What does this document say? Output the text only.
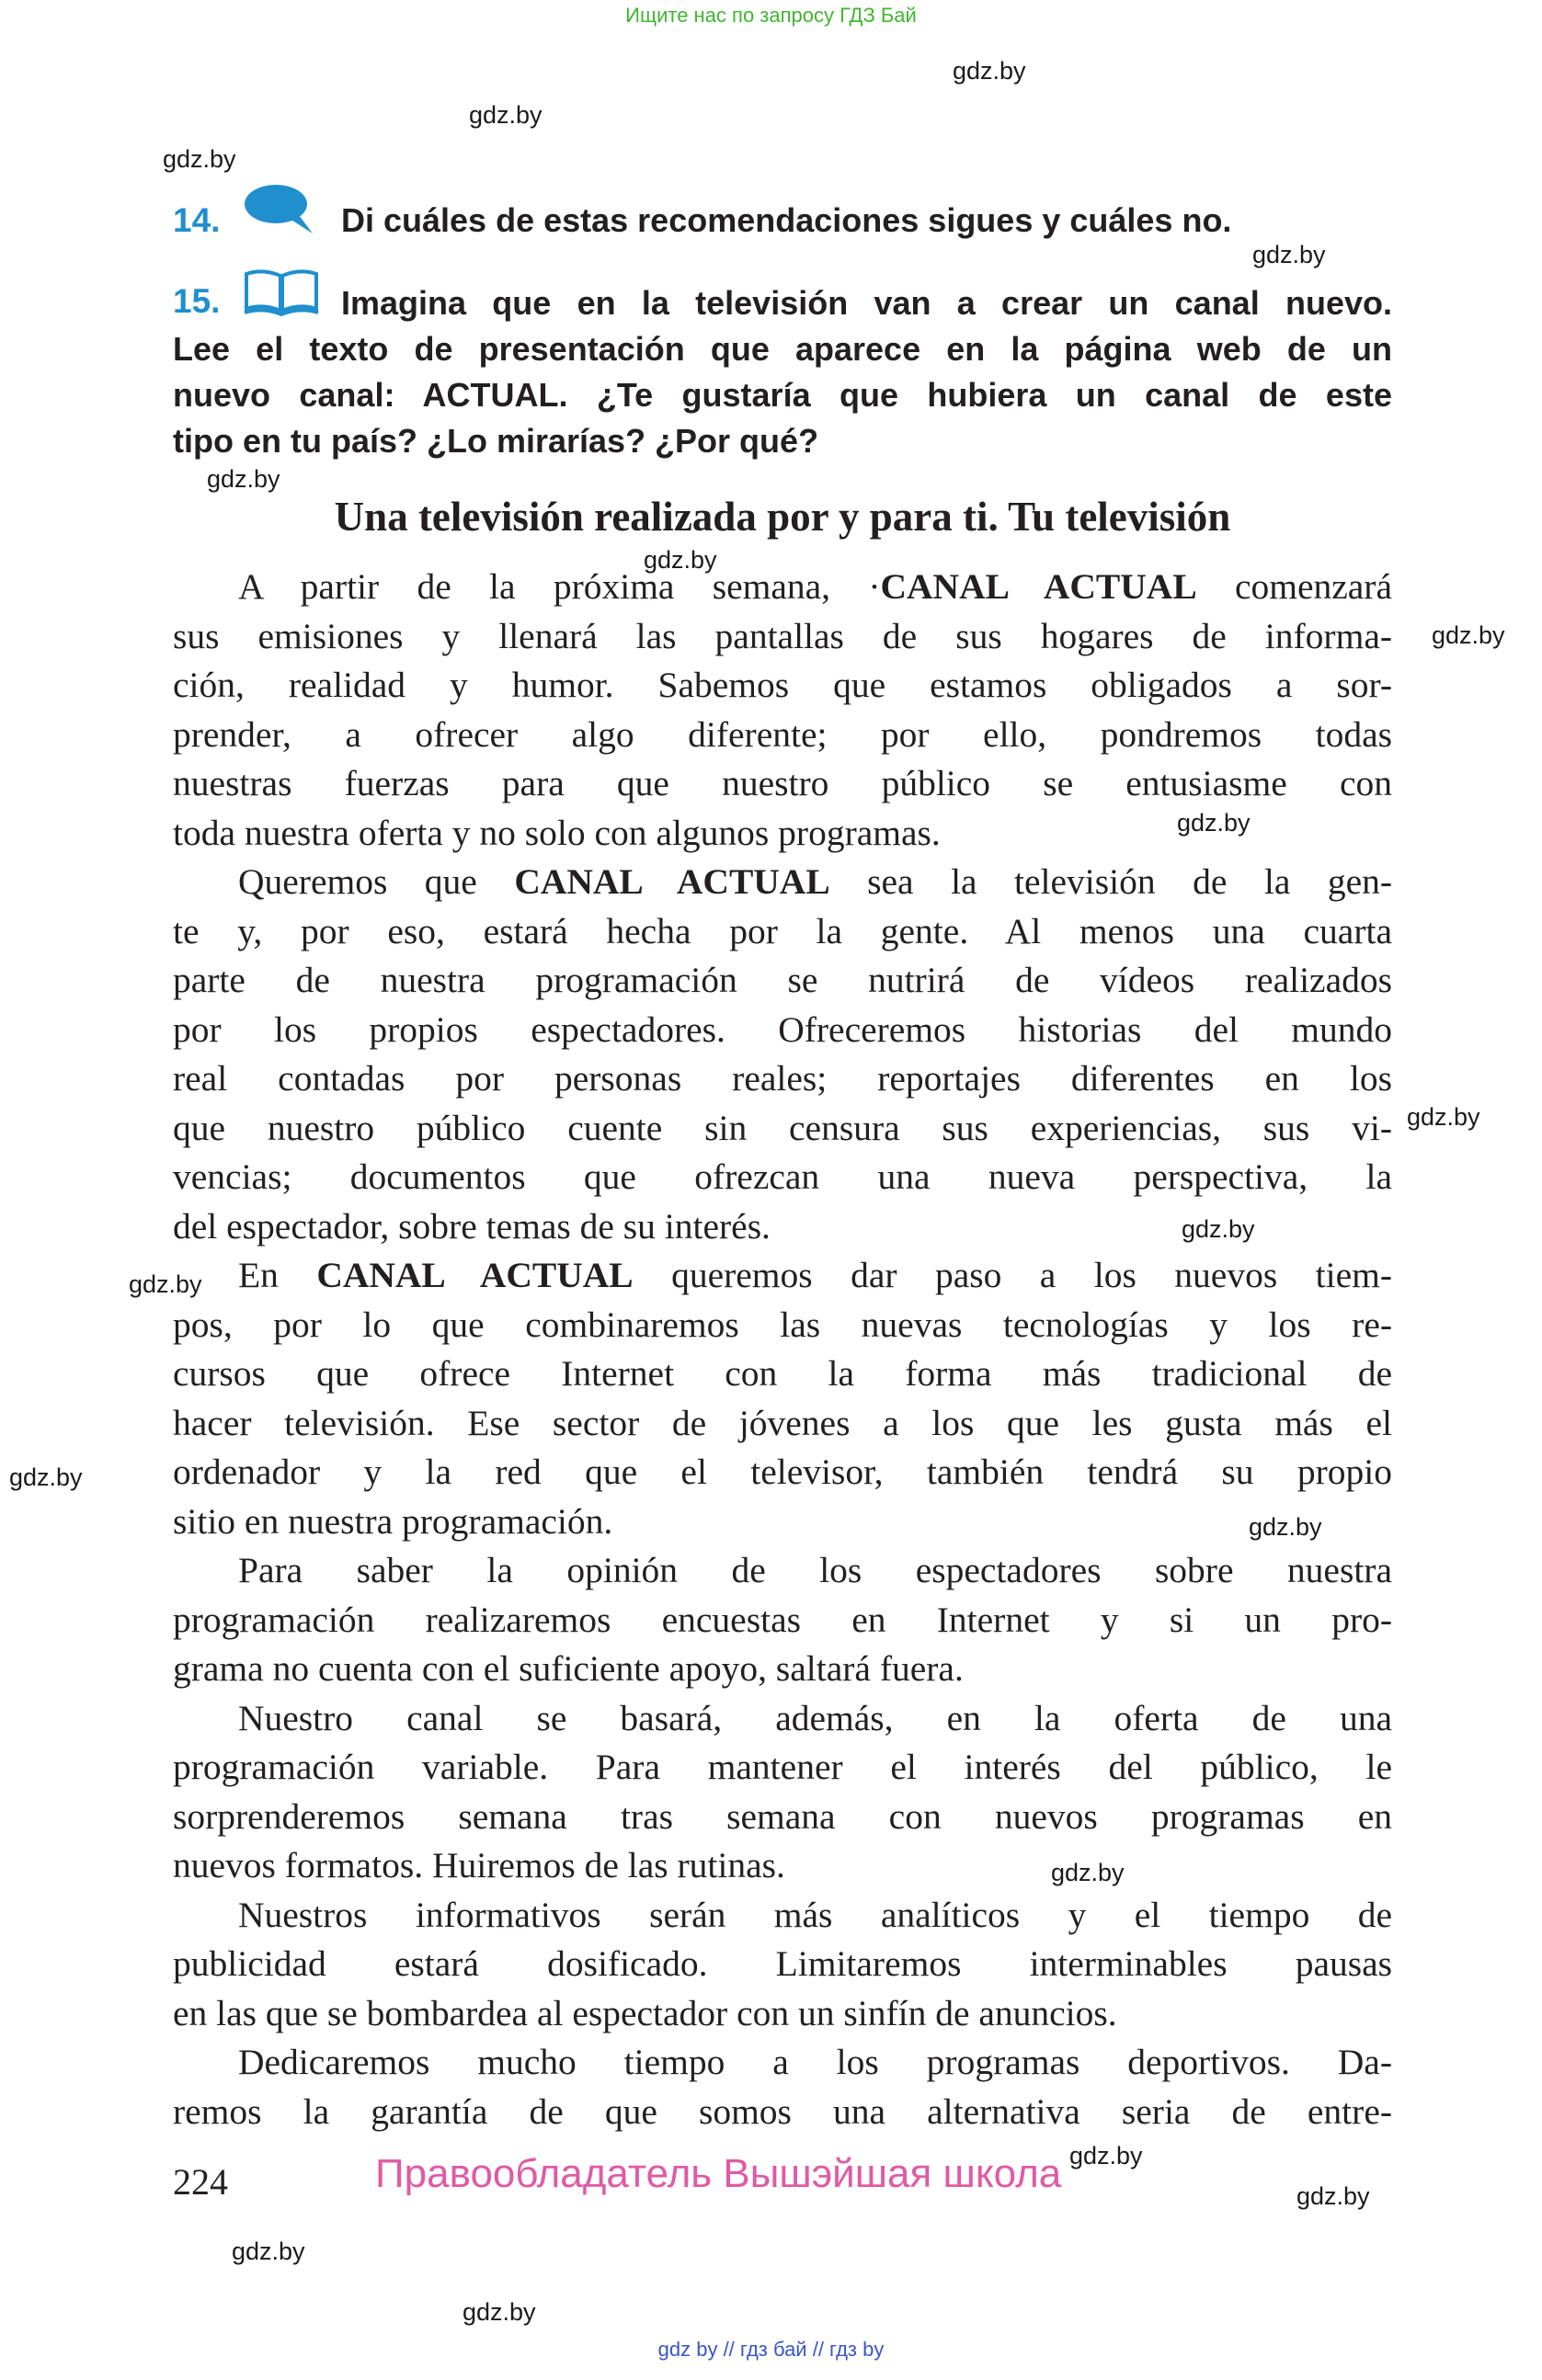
Ищите нас по запросу ГДЗ Бай
gdz.by
gdz.by
gdz.by
gdz.by
gdz.by
gdz.by
gdz.by
gdz.by
gdz.by
gdz.by
gdz.by
gdz.by
gdz.by
gdz.by
gdz.by
gdz.by
gdz.by
gdz.by
14.	Di cuáles de estas recomendaciones sigues y cuáles no.
15.	Imagina que en la televisión van a crear un canal nuevo.
Lee el texto de presentación que aparece en la página web de un
nuevo canal: ACTUAL. ¿Te gustaría que hubiera un canal de este
tipo en tu país? ¿Lo mirarías? ¿Por qué?
Una televisión realizada por y para ti. Tu televisión
A partir de la próxima semana, ·CANAL ACTUAL comenzará
sus emisiones y llenará las pantallas de sus hogares de informa-
ción, realidad y humor. Sabemos que estamos obligados a sor-
prender, a ofrecer algo diferente; por ello, pondremos todas
nuestras fuerzas para que nuestro público se entusiasme con
toda nuestra oferta y no solo con algunos programas.
Queremos que CANAL ACTUAL sea la televisión de la gen-
te y, por eso, estará hecha por la gente. Al menos una cuarta
parte de nuestra programación se nutrirá de vídeos realizados
por los propios espectadores. Ofreceremos historias del mundo
real contadas por personas reales; reportajes diferentes en los
que nuestro público cuente sin censura sus experiencias, sus vi-
vencias; documentos que ofrezcan una nueva perspectiva, la
del espectador, sobre temas de su interés.
En CANAL ACTUAL queremos dar paso a los nuevos tiem-
pos, por lo que combinaremos las nuevas tecnologías y los re-
cursos que ofrece Internet con la forma más tradicional de
hacer televisión. Ese sector de jóvenes a los que les gusta más el
ordenador y la red que el televisor, también tendrá su propio
sitio en nuestra programación.
Para saber la opinión de los espectadores sobre nuestra
programación realizaremos encuestas en Internet y si un pro-
grama no cuenta con el suficiente apoyo, saltará fuera.
Nuestro canal se basará, además, en la oferta de una
programación variable. Para mantener el interés del público, le
sorprenderemos semana tras semana con nuevos programas en
nuevos formatos. Huiremos de las rutinas.
Nuestros informativos serán más analíticos y el tiempo de
publicidad estará dosificado. Limitaremos interminables pausas
en las que se bombardea al espectador con un sinfín de anuncios.
Dedicaremos mucho tiempo a los programas deportivos. Da-
remos la garantía de que somos una alternativa seria de entre-
224	Правообладатель Вышэйшая школа
gdz by // гдз бай // гдз by
